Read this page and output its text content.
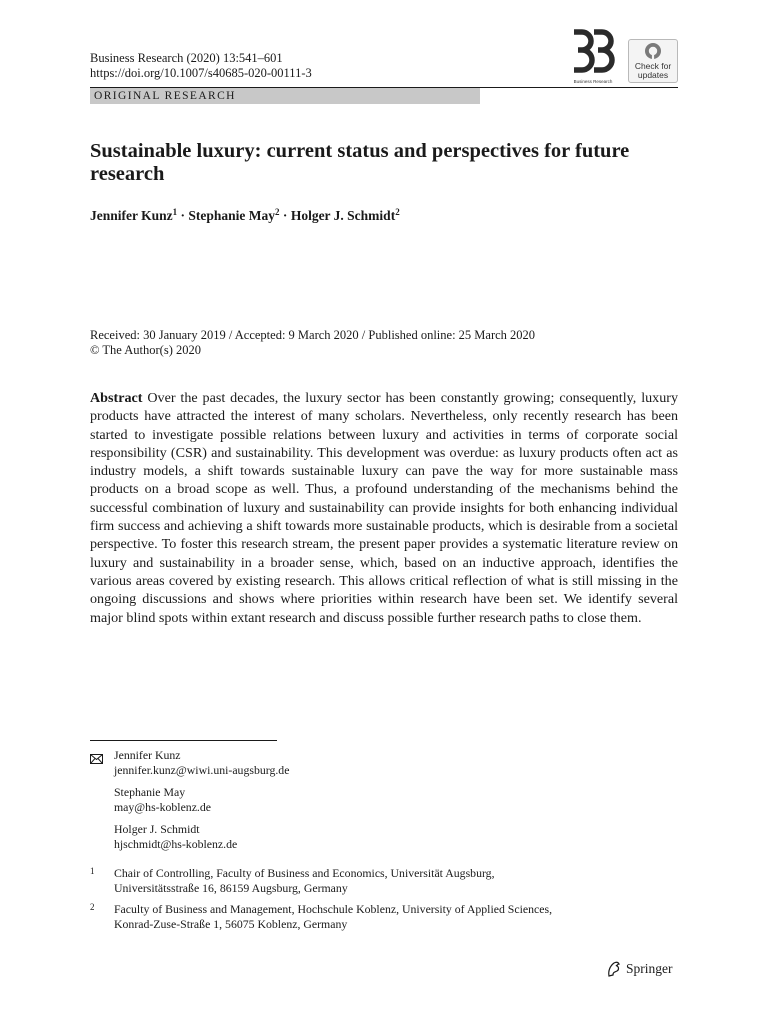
Business Research (2020) 13:541–601
https://doi.org/10.1007/s40685-020-00111-3
Business Research
Check for updates
ORIGINAL RESEARCH
Sustainable luxury: current status and perspectives for future research
Jennifer Kunz$^1$ · Stephanie May$^2$ · Holger J. Schmidt$^2$
Received: 30 January 2019 / Accepted: 9 March 2020 / Published online: 25 March 2020
© The Author(s) 2020

Abstract Over the past decades, the luxury sector has been constantly growing; consequently, luxury products have attracted the interest of many scholars. Nevertheless, only recently research has been started to investigate possible relations between luxury and activities in terms of corporate social responsibility (CSR) and sustainability. This development was overdue: as luxury products often act as industry models, a shift towards sustainable luxury can pave the way for more sustainable mass products on a broad scope as well. Thus, a profound understanding of the mechanisms behind the successful combination of luxury and sustainability can provide insights for both enhancing individual firm success and achieving a shift towards more sustainable products, which is desirable from a societal perspective. To foster this research stream, the present paper provides a systematic literature review on luxury and sustainability in a broader sense, which, based on an inductive approach, identifies the various areas covered by existing research. This allows critical reflection of what is still missing in the ongoing discussions and shows where priorities within research have been set. We identify several major blind spots within extant research and discuss possible further research paths to close them.

Jennifer Kunz
jennifer.kunz@wiwi.uni-augsburg.de
Stephanie May
may@hs-koblenz.de
Holger J. Schmidt
hjschmidt@hs-koblenz.de
1 Chair of Controlling, Faculty of Business and Economics, Universität Augsburg,
Universitätsstraße 16, 86159 Augsburg, Germany
2 Faculty of Business and Management, Hochschule Koblenz, University of Applied Sciences,
Konrad-Zuse-Straße 1, 56075 Koblenz, Germany
Springer
